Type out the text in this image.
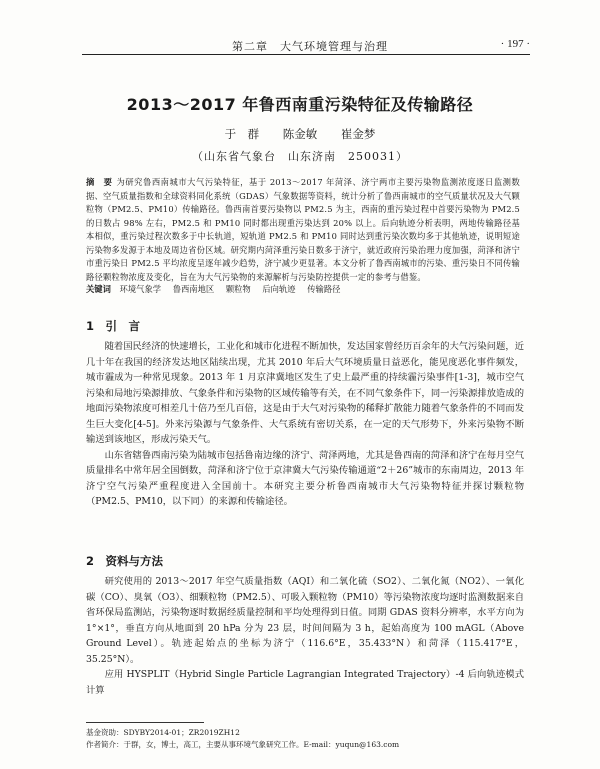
第二章　大气环境管理与治理	· 197 ·
2013～2017 年鲁西南重污染特征及传输路径
于　群 陈金敏 崔金梦
（山东省气象台　山东济南　250031）
摘　要 为研究鲁西南城市大气污染特征，基于 2013～2017 年菏泽、济宁两市主要污染物监测浓度逐日监测数据、空气质量指数和全球资料同化系统（GDAS）气象数据等资料，统计分析了鲁西南城市的空气质量状况及大气颗粒物（PM2.5、PM10）传输路径。鲁西南首要污染物以 PM2.5 为主，西南的重污染过程中首要污染物为 PM2.5 的日数占 98% 左右，PM2.5 和 PM10 同时都出现重污染达到 20% 以上。后向轨迹分析表明，两地传输路径基本相似，重污染过程次数多于中长轨道，短轨道 PM2.5 和 PM10 同时达到重污染次数均多于其他轨迹，说明短途污染物多发源于本地及周边省份区域。研究期内菏泽重污染日数多于济宁，就近政府污染治理力度加强，菏泽和济宁市重污染日 PM2.5 平均浓度呈逐年减少趋势，济宁减少更显著。本文分析了鲁西南城市的污染、重污染日不同传输路径颗粒物浓度及变化，旨在为大气污染物的来源解析与污染防控提供一定的参考与借鉴。
关键词 环境气象学 鲁西南地区 颗粒物 后向轨迹 传输路径
1　引　言

随着国民经济的快速增长，工业化和城市化进程不断加快，发达国家曾经历百余年的大气污染问题，近几十年在我国的经济发达地区陆续出现，尤其 2010 年后大气环境质量日益恶化，能见度恶化事件频发，城市霾成为一种常见现象。2013 年 1 月京津冀地区发生了史上最严重的持续霾污染事件[1-3]，城市空气污染和局地污染源排放、气象条件和污染物的区域传输等有关，在不同气象条件下，同一污染源排放造成的地面污染物浓度可相差几十倍乃至几百倍，这是由于大气对污染物的稀释扩散能力随着气象条件的不同而发生巨大变化[4-5]。外来污染源与气象条件、大气系统有密切关系，在一定的天气形势下，外来污染物不断输送到该地区，形成污染天气。

山东省辖鲁西南污染为陆城市包括鲁南边缘的济宁、菏泽两地，尤其是鲁西南的菏泽和济宁在每月空气质量排名中常年居全国倒数，菏泽和济宁位于京津冀大气污染传输通道“2＋26”城市的东南周边，2013 年济宁空气污染严重程度进入全国前十。本研究主要分析鲁西南城市大气污染物特征并探讨颗粒物（PM2.5、PM10，以下同）的来源和传输途径。

2　资料与方法

研究使用的 2013～2017 年空气质量指数（AQI）和二氧化硫（SO2）、二氧化氮（NO2）、一氧化碳（CO）、臭氧（O3）、细颗粒物（PM2.5）、可吸入颗粒物（PM10）等污染物浓度均逐时监测数据来自省环保局监测站，污染物逐时数据经质量控制和平均处理得到日值。同期 GDAS 资料分辨率，水平方向为 1°×1°，垂直方向从地面到 20 hPa 分为 23 层，时间间隔为 3 h，起始高度为 100 mAGL（Above Ground Level）。轨迹起始点的坐标为济宁（116.6°E，35.433°N）和菏泽（115.417°E，35.25°N）。

应用 HYSPLIT（Hybrid Single Particle Lagrangian Integrated Trajectory）-4 后向轨迹模式计算

基金资助：SDYBY2014-01；ZR2019ZH12
作者简介：于群，女，博士，高工，主要从事环境气象研究工作。E-mail：yuqun@163.com
